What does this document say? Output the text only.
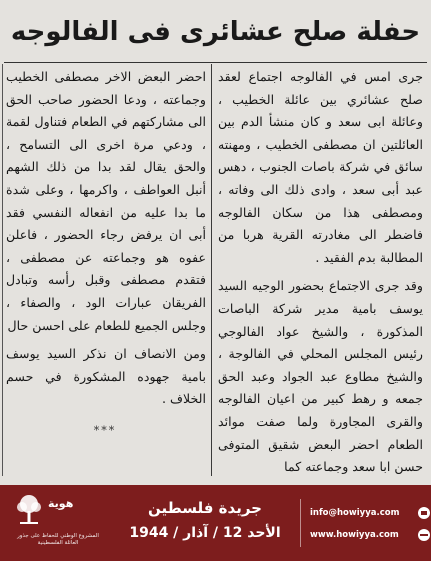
حفلة صلح عشائرى فى الفالوجه

جرى امس في الفالوجه اجتماع لعقد صلح عشائري بين عائلة الخطيب ، وعائلة ابى سعد و كان منشأ الدم بين العائلتين ان مصطفى الخطيب ، ومهنته سائق في شركة باصات الجنوب ، دهس عبد أبى سعد ، وادى ذلك الى وفاته ، ومصطفى هذا من سكان الفالوجه فاضطر الى مغادرته القرية هربا من المطالبة بدم الفقيد .

وقد جرى الاجتماع بحضور الوجيه السيد يوسف بامية مدير شركة الباصات المذكورة ، والشيخ عواد الفالوجي رئيس المجلس المحلي في الفالوجة ، والشيخ مطاوع عبد الجواد وعبد الحق جمعه و رهط كبير من اعيان الفالوجه والقرى المجاورة ولما صفت موائد الطعام احضر البعض شقيق المتوفى حسن ابا سعد وجماعته كما

احضر البعض الاخر مصطفى الخطيب وجماعته ، ودعا الحضور صاحب الحق الى مشاركتهم في الطعام فتناول لقمة ، ودعي مرة اخرى الى التسامح ، والحق يقال لقد بدا من ذلك الشهم أنبل العواطف ، واكرمها ، وعلى شدة ما بدا عليه من انفعاله النفسي فقد أبى ان يرفض رجاء الحضور ، فاعلن عفوه هو وجماعته عن مصطفى ، فتقدم مصطفى وقبل رأسه وتبادل الفريقان عبارات الود ، والصفاء ، وجلس الجميع للطعام على احسن حال

ومن الانصاف ان نذكر السيد يوسف بامية جهوده المشكورة في حسم الخلاف .

***
هوية
المشروع الوطني للحفاظ على جذور العائلة الفلسطينية
جريدة فلسطين
الأحد 12 / آذار / 1944
info@howiyya.com
www.howiyya.com
